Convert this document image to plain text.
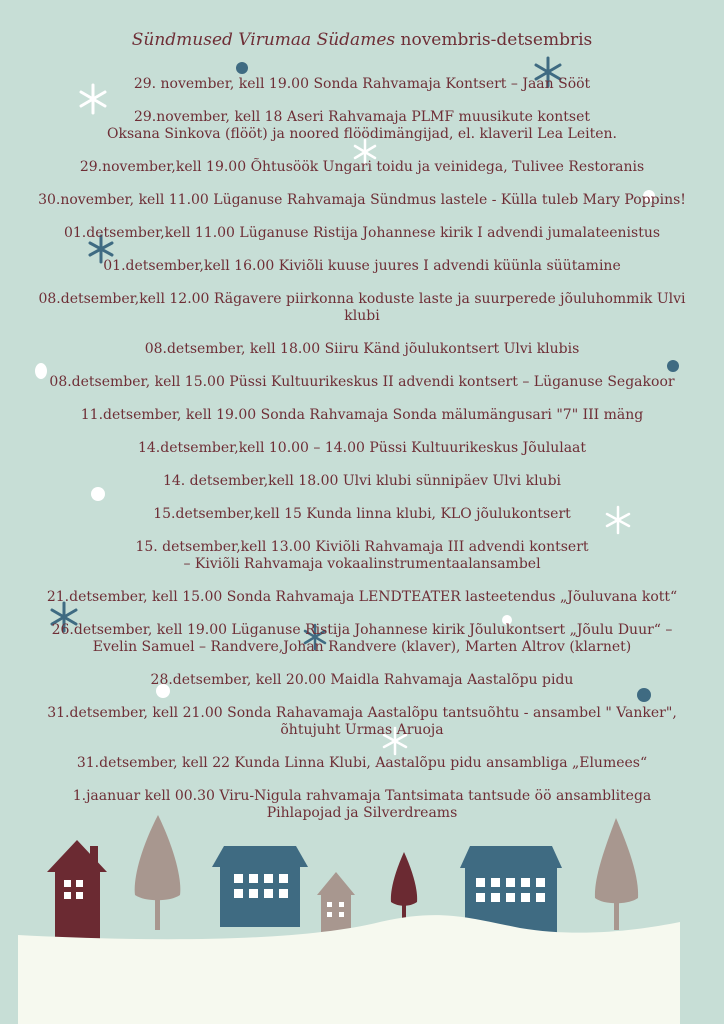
Sündmused Virumaa Südames novembris-detsembris
29. november, kell 19.00 Sonda Rahvamaja Kontsert – Jaan Sööt
29.november, kell 18 Aseri Rahvamaja PLMF muusikute kontset
Oksana Sinkova (flööt) ja noored flöödimängijad, el. klaveril Lea Leiten.
29.november,kell 19.00 Õhtusöök Ungari toidu ja veinidega, Tulivee Restoranis
30.november, kell 11.00 Lüganuse Rahvamaja Sündmus lastele - Külla tuleb Mary Poppins!
01.detsember,kell 11.00 Lüganuse Ristija Johannese kirik I advendi jumalateenistus
01.detsember,kell 16.00 Kiviõli kuuse juures I advendi küünla süütamine
08.detsember,kell 12.00 Rägavere piirkonna koduste laste ja suurperede jõuluhommik Ulvi
klubi
08.detsember, kell 18.00 Siiru Känd jõulukontsert Ulvi klubis
08.detsember, kell 15.00 Püssi Kultuurikeskus II advendi kontsert – Lüganuse Segakoor
11.detsember, kell 19.00 Sonda Rahvamaja Sonda mälumängusari "7" III mäng
14.detsember,kell 10.00 – 14.00 Püssi Kultuurikeskus Jõululaat
14. detsember,kell 18.00 Ulvi klubi sünnipäev Ulvi klubi
15.detsember,kell 15 Kunda linna klubi, KLO jõulukontsert
15. detsember,kell 13.00 Kiviõli Rahvamaja III advendi kontsert
– Kiviõli Rahvamaja vokaalinstrumentaalansambel
21.detsember, kell 15.00 Sonda Rahvamaja LENDTEATER lasteetendus „Jõuluvana kott“
26.detsember, kell 19.00 Lüganuse Ristija Johannese kirik Jõulukontsert „Jõulu Duur“ –
Evelin Samuel – Randvere,Johan Randvere (klaver), Marten Altrov (klarnet)
28.detsember, kell 20.00 Maidla Rahvamaja Aastalõpu pidu
31.detsember, kell 21.00 Sonda Rahavamaja Aastalõpu tantsuõhtu - ansambel " Vanker",
õhtujuht Urmas Aruoja
31.detsember, kell 22 Kunda Linna Klubi, Aastalõpu pidu ansambliga „Elumees“
1.jaanuar kell 00.30 Viru-Nigula rahvamaja Tantsimata tantsude öö ansamblitega
Pihlapojad ja Silverdreams
